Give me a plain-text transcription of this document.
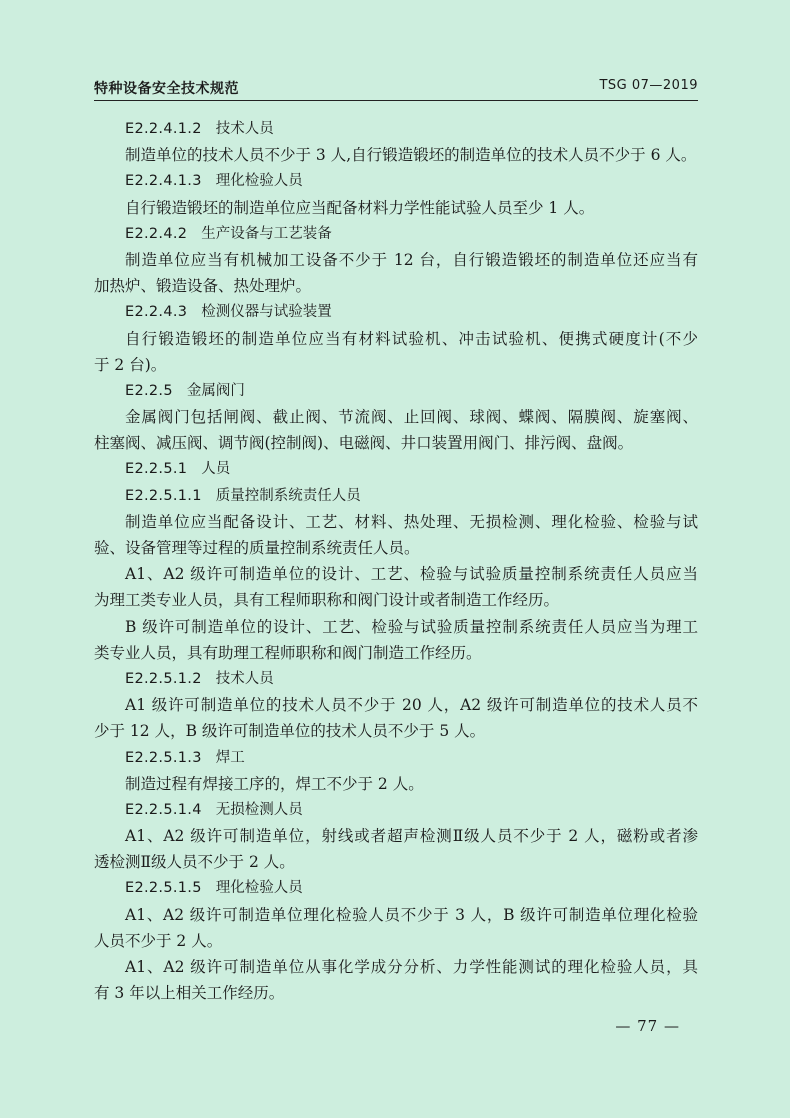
特种设备安全技术规范	TSG 07—2019
E2.2.4.1.2 技术人员
制造单位的技术人员不少于 3 人,自行锻造锻坯的制造单位的技术人员不少于 6 人。
E2.2.4.1.3 理化检验人员
自行锻造锻坯的制造单位应当配备材料力学性能试验人员至少 1 人。
E2.2.4.2 生产设备与工艺装备
制造单位应当有机械加工设备不少于 12 台，自行锻造锻坯的制造单位还应当有
加热炉、锻造设备、热处理炉。
E2.2.4.3 检测仪器与试验装置
自行锻造锻坯的制造单位应当有材料试验机、冲击试验机、便携式硬度计(不少
于 2 台)。
E2.2.5 金属阀门
金属阀门包括闸阀、截止阀、节流阀、止回阀、球阀、蝶阀、隔膜阀、旋塞阀、
柱塞阀、减压阀、调节阀(控制阀)、电磁阀、井口装置用阀门、排污阀、盘阀。
E2.2.5.1 人员
E2.2.5.1.1 质量控制系统责任人员
制造单位应当配备设计、工艺、材料、热处理、无损检测、理化检验、检验与试
验、设备管理等过程的质量控制系统责任人员。
A1、A2 级许可制造单位的设计、工艺、检验与试验质量控制系统责任人员应当
为理工类专业人员，具有工程师职称和阀门设计或者制造工作经历。
B 级许可制造单位的设计、工艺、检验与试验质量控制系统责任人员应当为理工
类专业人员，具有助理工程师职称和阀门制造工作经历。
E2.2.5.1.2 技术人员
A1 级许可制造单位的技术人员不少于 20 人，A2 级许可制造单位的技术人员不
少于 12 人，B 级许可制造单位的技术人员不少于 5 人。
E2.2.5.1.3 焊工
制造过程有焊接工序的，焊工不少于 2 人。
E2.2.5.1.4 无损检测人员
A1、A2 级许可制造单位，射线或者超声检测Ⅱ级人员不少于 2 人，磁粉或者渗
透检测Ⅱ级人员不少于 2 人。
E2.2.5.1.5 理化检验人员
A1、A2 级许可制造单位理化检验人员不少于 3 人，B 级许可制造单位理化检验
人员不少于 2 人。
A1、A2 级许可制造单位从事化学成分分析、力学性能测试的理化检验人员，具
有 3 年以上相关工作经历。
— 77 —
